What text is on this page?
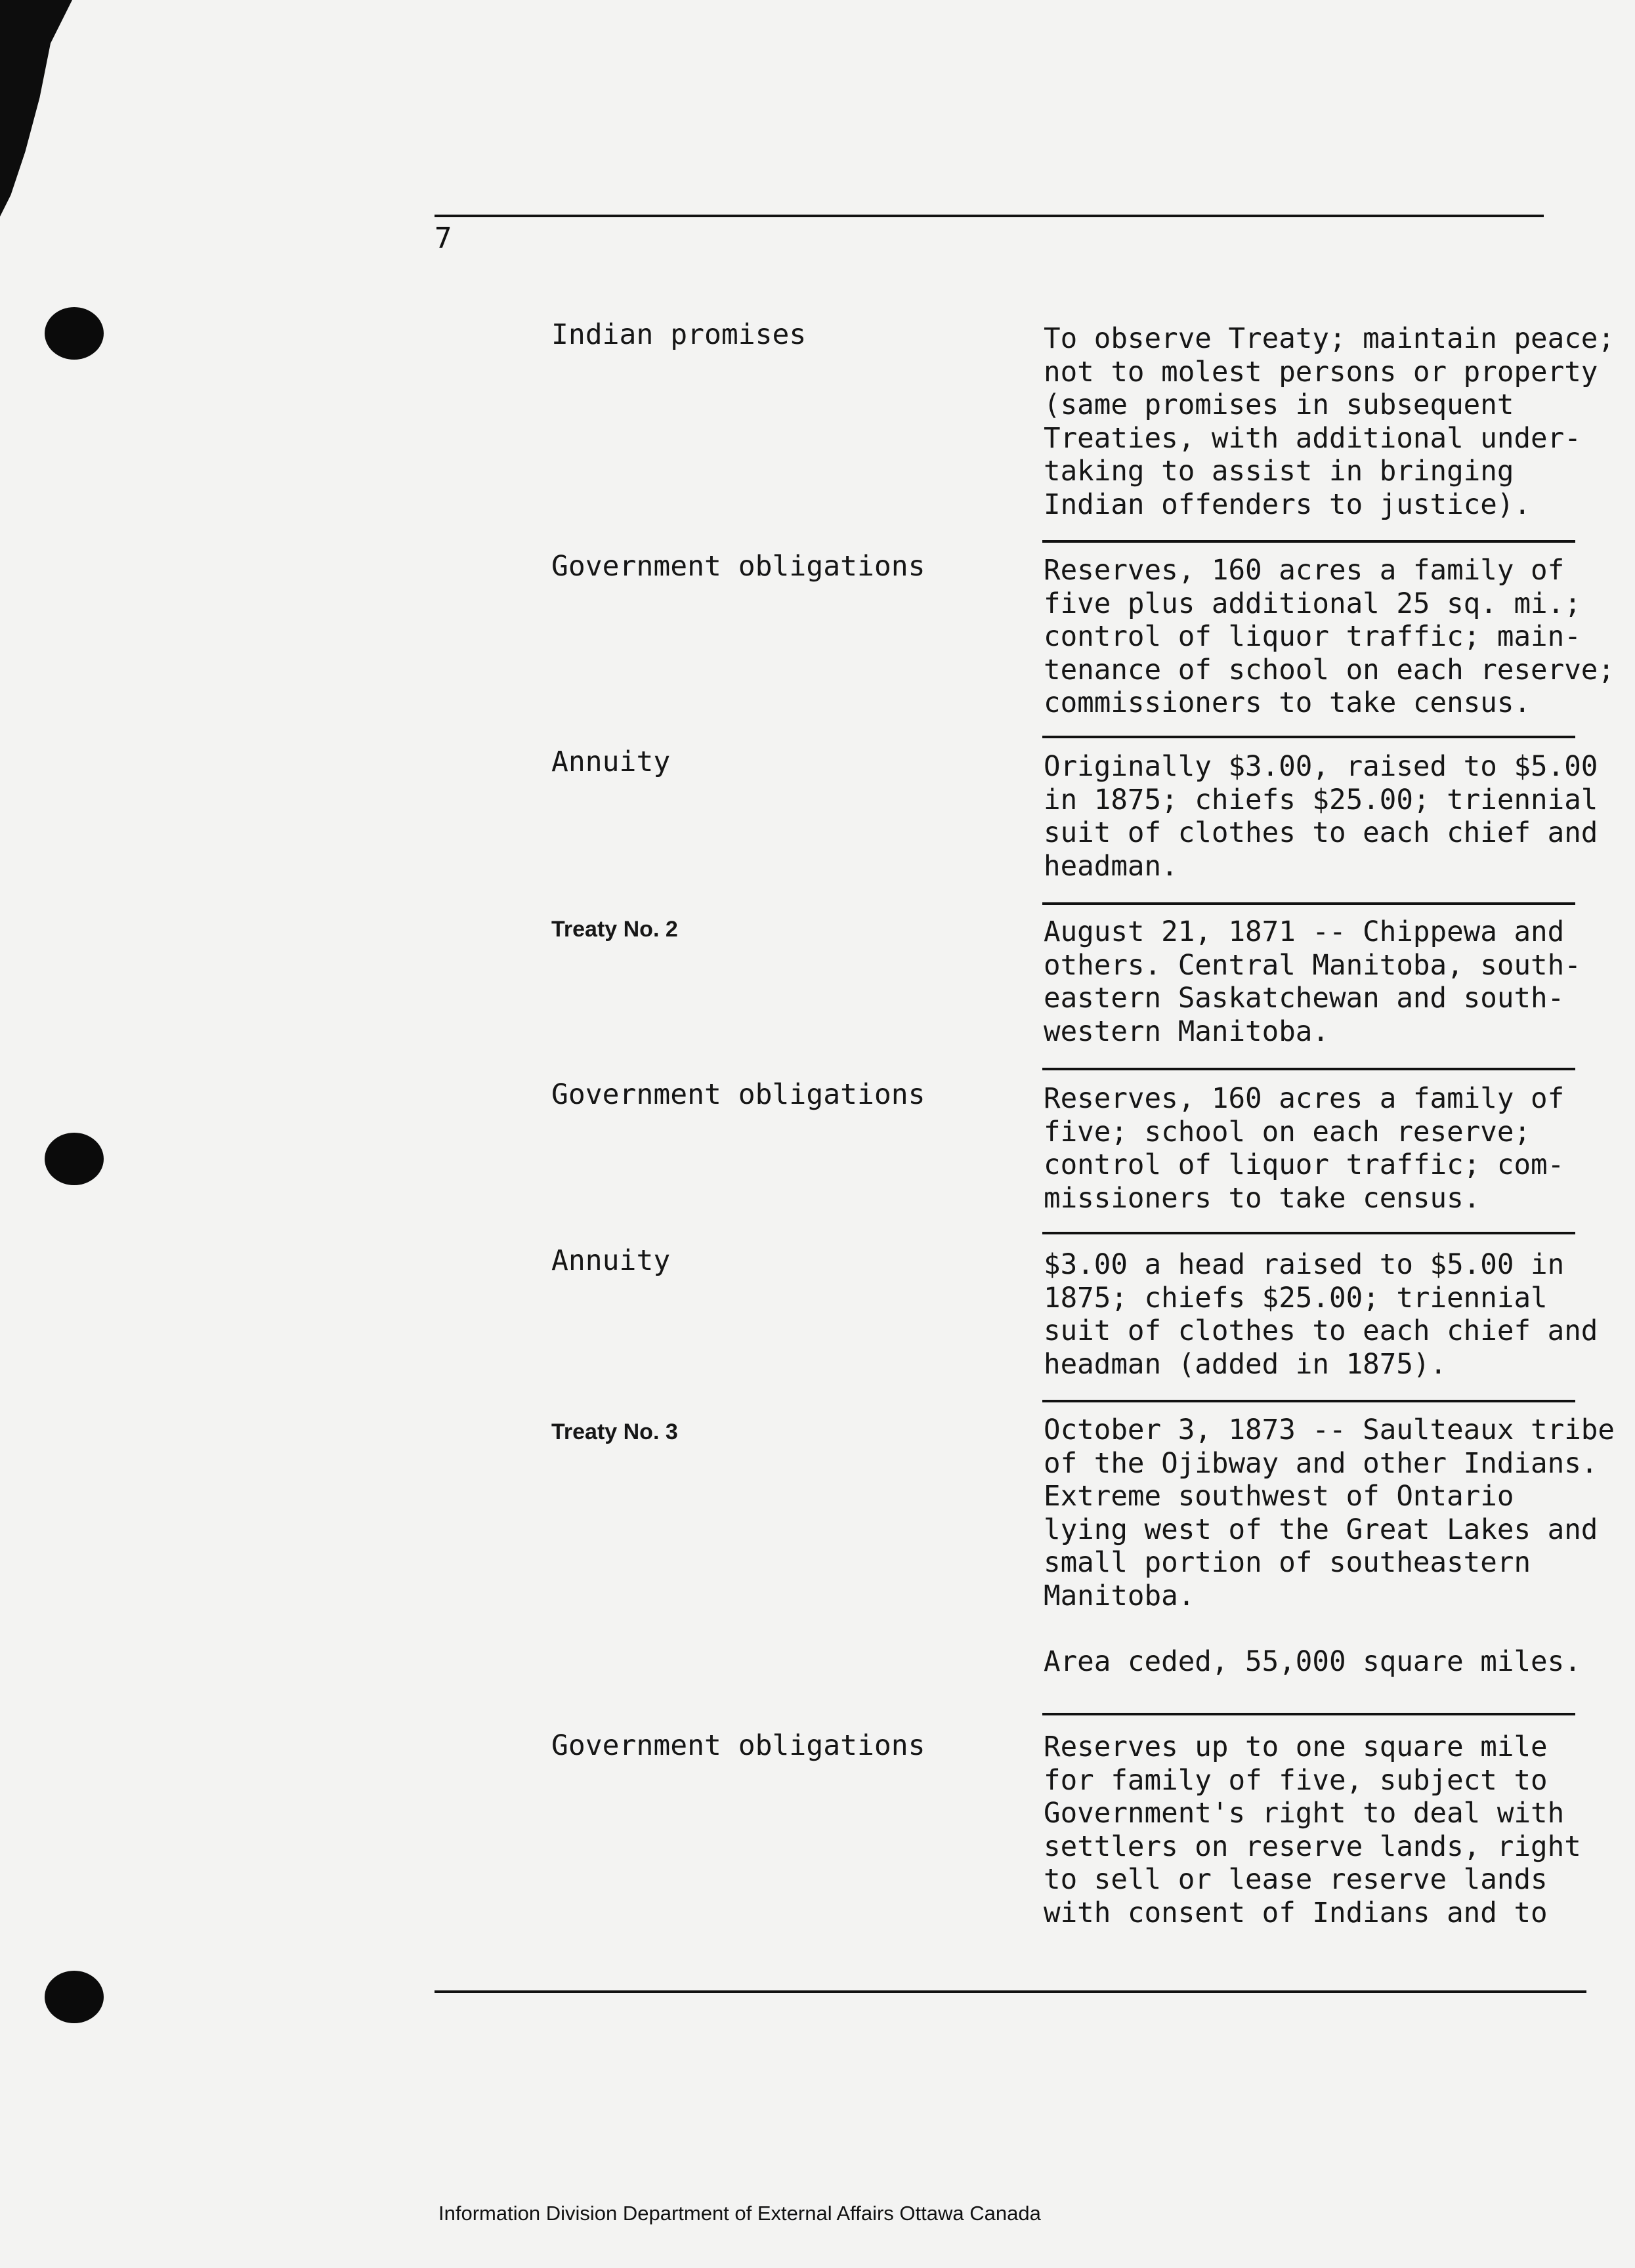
7
Indian promises	To observe Treaty; maintain peace;
not to molest persons or property
(same promises in subsequent
Treaties, with additional under-
taking to assist in bringing
Indian offenders to justice).
Government obligations	Reserves, 160 acres a family of
five plus additional 25 sq. mi.;
control of liquor traffic; main-
tenance of school on each reserve;
commissioners to take census.
Annuity	Originally $3.00, raised to $5.00
in 1875; chiefs $25.00; triennial
suit of clothes to each chief and
headman.
Treaty No. 2	August 21, 1871 -- Chippewa and
others. Central Manitoba, south-
eastern Saskatchewan and south-
western Manitoba.
Government obligations	Reserves, 160 acres a family of
five; school on each reserve;
control of liquor traffic; com-
missioners to take census.
Annuity	$3.00 a head raised to $5.00 in
1875; chiefs $25.00; triennial
suit of clothes to each chief and
headman (added in 1875).
Treaty No. 3	October 3, 1873 -- Saulteaux tribe
of the Ojibway and other Indians.
Extreme southwest of Ontario
lying west of the Great Lakes and
small portion of southeastern
Manitoba.
Area ceded, 55,000 square miles.
Government obligations	Reserves up to one square mile
for family of five, subject to
Government's right to deal with
settlers on reserve lands, right
to sell or lease reserve lands
with consent of Indians and to
Information Division Department of External Affairs Ottawa Canada
